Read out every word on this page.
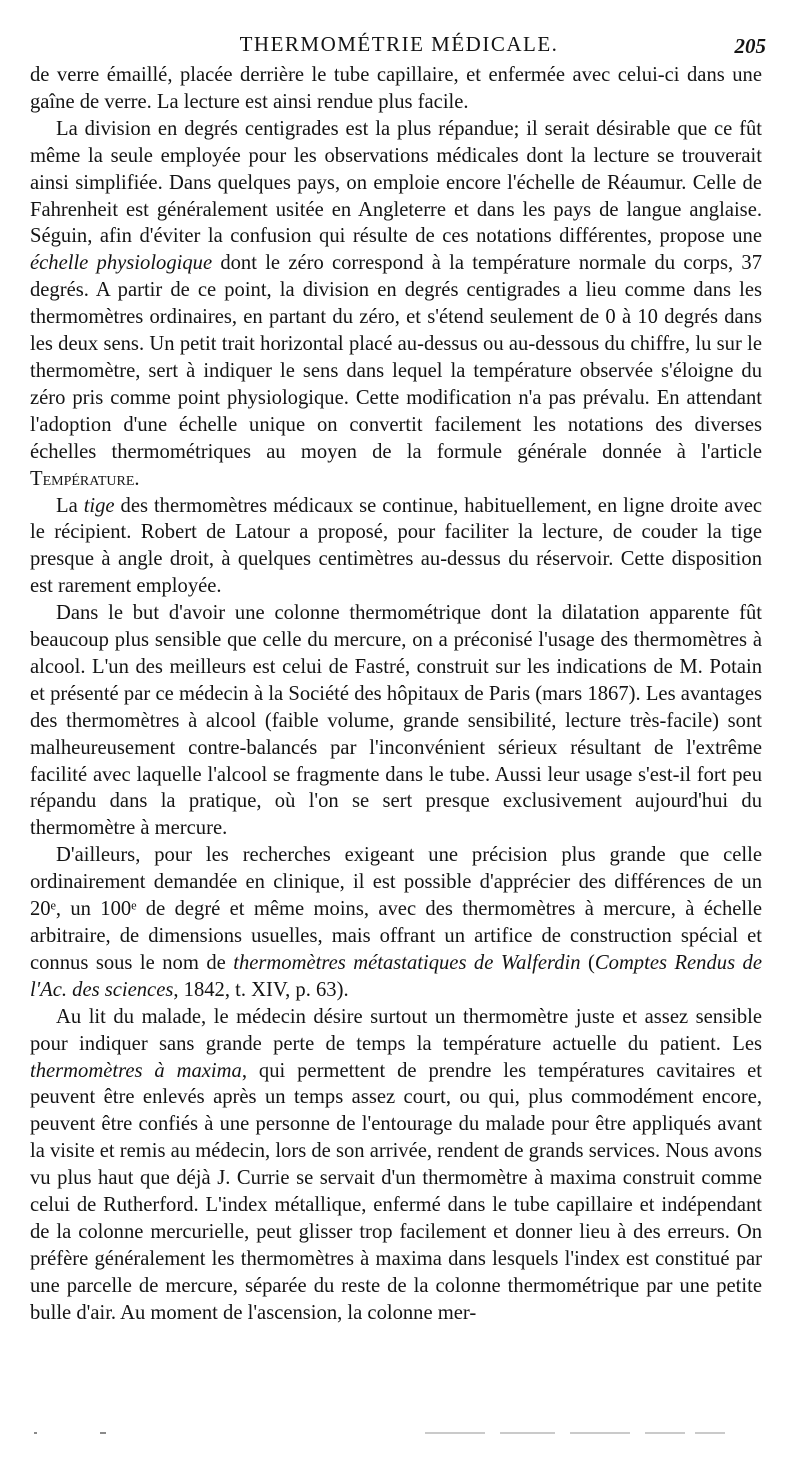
THERMOMÉTRIE MÉDICALE.	205

de verre émaillé, placée derrière le tube capillaire, et enfermée avec celui-ci dans une gaîne de verre. La lecture est ainsi rendue plus facile.

La division en degrés centigrades est la plus répandue; il serait désirable que ce fût même la seule employée pour les observations médicales dont la lecture se trouverait ainsi simplifiée. Dans quelques pays, on emploie encore l'échelle de Réaumur. Celle de Fahrenheit est généralement usitée en Angleterre et dans les pays de langue anglaise. Séguin, afin d'éviter la confusion qui résulte de ces notations différentes, propose une échelle physiologique dont le zéro correspond à la température normale du corps, 37 degrés. A partir de ce point, la division en degrés centigrades a lieu comme dans les thermomètres ordinaires, en partant du zéro, et s'étend seulement de 0 à 10 degrés dans les deux sens. Un petit trait horizontal placé au-dessus ou au-dessous du chiffre, lu sur le thermomètre, sert à indiquer le sens dans lequel la température observée s'éloigne du zéro pris comme point physiologique. Cette modification n'a pas prévalu. En attendant l'adoption d'une échelle unique on convertit facilement les notations des diverses échelles thermométriques au moyen de la formule générale donnée à l'article Température.

La tige des thermomètres médicaux se continue, habituellement, en ligne droite avec le récipient. Robert de Latour a proposé, pour faciliter la lecture, de couder la tige presque à angle droit, à quelques centimètres au-dessus du réservoir. Cette disposition est rarement employée.

Dans le but d'avoir une colonne thermométrique dont la dilatation apparente fût beaucoup plus sensible que celle du mercure, on a préconisé l'usage des thermomètres à alcool. L'un des meilleurs est celui de Fastré, construit sur les indications de M. Potain et présenté par ce médecin à la Société des hôpitaux de Paris (mars 1867). Les avantages des thermomètres à alcool (faible volume, grande sensibilité, lecture très-facile) sont malheureusement contre-balancés par l'inconvénient sérieux résultant de l'extrême facilité avec laquelle l'alcool se fragmente dans le tube. Aussi leur usage s'est-il fort peu répandu dans la pratique, où l'on se sert presque exclusivement aujourd'hui du thermomètre à mercure.

D'ailleurs, pour les recherches exigeant une précision plus grande que celle ordinairement demandée en clinique, il est possible d'apprécier des différences de un 20ᵉ, un 100ᵉ de degré et même moins, avec des thermomètres à mercure, à échelle arbitraire, de dimensions usuelles, mais offrant un artifice de construction spécial et connus sous le nom de thermomètres métastatiques de Walferdin (Comptes Rendus de l'Ac. des sciences, 1842, t. XIV, p. 63).

Au lit du malade, le médecin désire surtout un thermomètre juste et assez sensible pour indiquer sans grande perte de temps la température actuelle du patient. Les thermomètres à maxima, qui permettent de prendre les températures cavitaires et peuvent être enlevés après un temps assez court, ou qui, plus commodément encore, peuvent être confiés à une personne de l'entourage du malade pour être appliqués avant la visite et remis au médecin, lors de son arrivée, rendent de grands services. Nous avons vu plus haut que déjà J. Currie se servait d'un thermomètre à maxima construit comme celui de Rutherford. L'index métallique, enfermé dans le tube capillaire et indépendant de la colonne mercurielle, peut glisser trop facilement et donner lieu à des erreurs. On préfère généralement les thermomètres à maxima dans lesquels l'index est constitué par une parcelle de mercure, séparée du reste de la colonne thermométrique par une petite bulle d'air. Au moment de l'ascension, la colonne mer-
